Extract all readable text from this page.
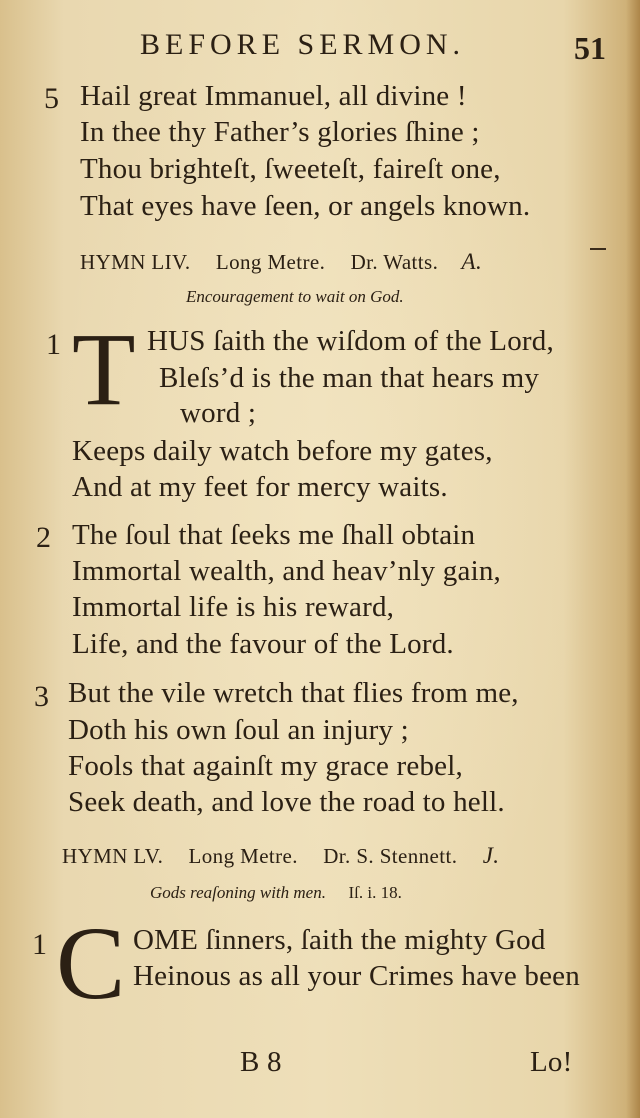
BEFORE SERMON.	51
5 Hail great Immanuel, all divine !
In thee thy Father’s glories ſhine ;
Thou brighteſt, ſweeteſt, faireſt one,
That eyes have ſeen, or angels known.
HYMN LIV. Long Metre. Dr. Watts. A.
Encouragement to wait on God.
1 T HUS ſaith the wiſdom of the Lord,
Bleſs’d is the man that hears my
word ;
Keeps daily watch before my gates,
And at my feet for mercy waits.
2 The ſoul that ſeeks me ſhall obtain
Immortal wealth, and heav’nly gain,
Immortal life is his reward,
Life, and the favour of the Lord.
3 But the vile wretch that flies from me,
Doth his own ſoul an injury ;
Fools that againſt my grace rebel,
Seek death, and love the road to hell.
HYMN LV. Long Metre. Dr. S. Stennett. J.
Gods reaſoning with men. Iſ. i. 18.
1 C OME ſinners, ſaith the mighty God
Heinous as all your Crimes have been
B 8	Lo!
